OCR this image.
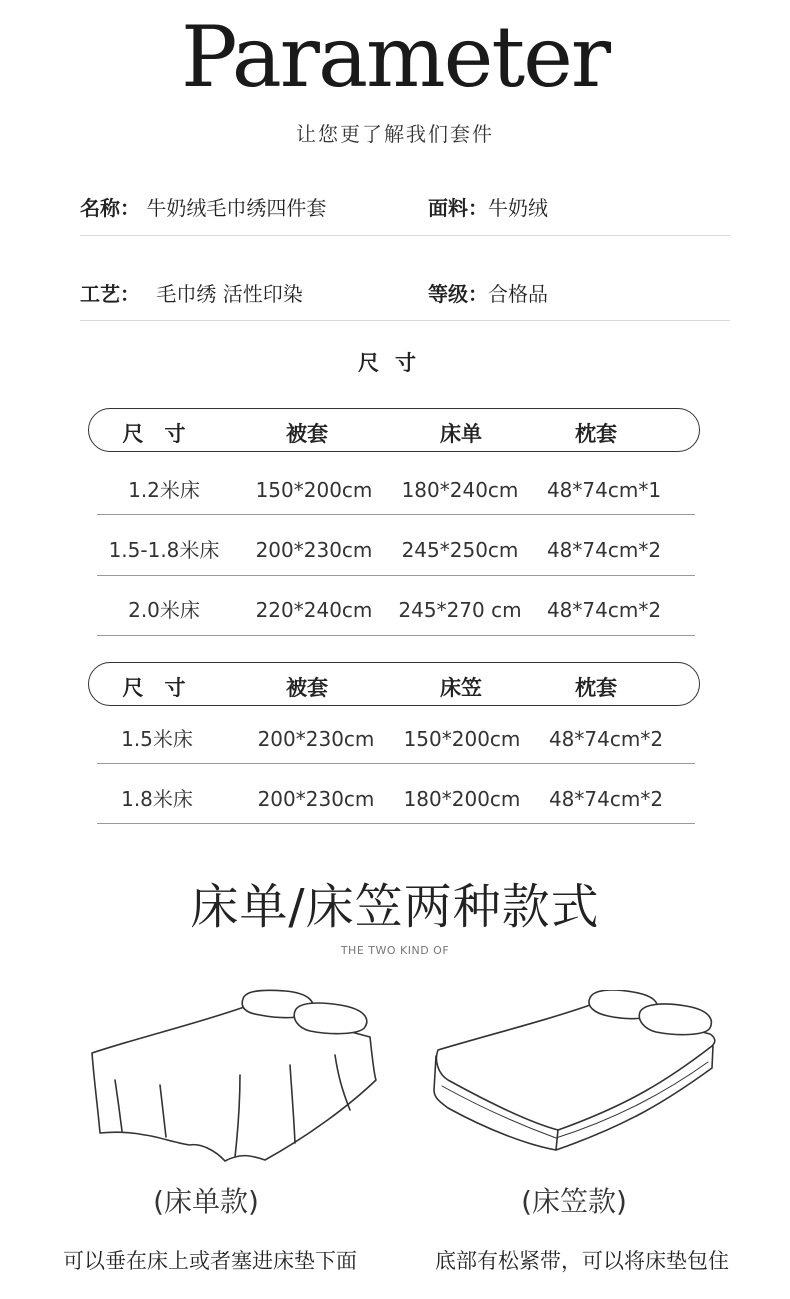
Parameter
让您更了解我们套件
名称： 牛奶绒毛巾绣四件套	面料：牛奶绒
工艺： 毛巾绣 活性印染	等级：合格品
尺寸
尺　寸	被套	床单	枕套
1.2米床	150*200cm	180*240cm	48*74cm*1
1.5-1.8米床	200*230cm	245*250cm	48*74cm*2
2.0米床	220*240cm	245*270 cm	48*74cm*2
尺　寸	被套	床笠	枕套
1.5米床	200*230cm	150*200cm	48*74cm*2
1.8米床	200*230cm	180*200cm	48*74cm*2
床单/床笠两种款式
THE TWO KIND OF
(床单款)	(床笠款)
可以垂在床上或者塞进床垫下面	底部有松紧带，可以将床垫包住
